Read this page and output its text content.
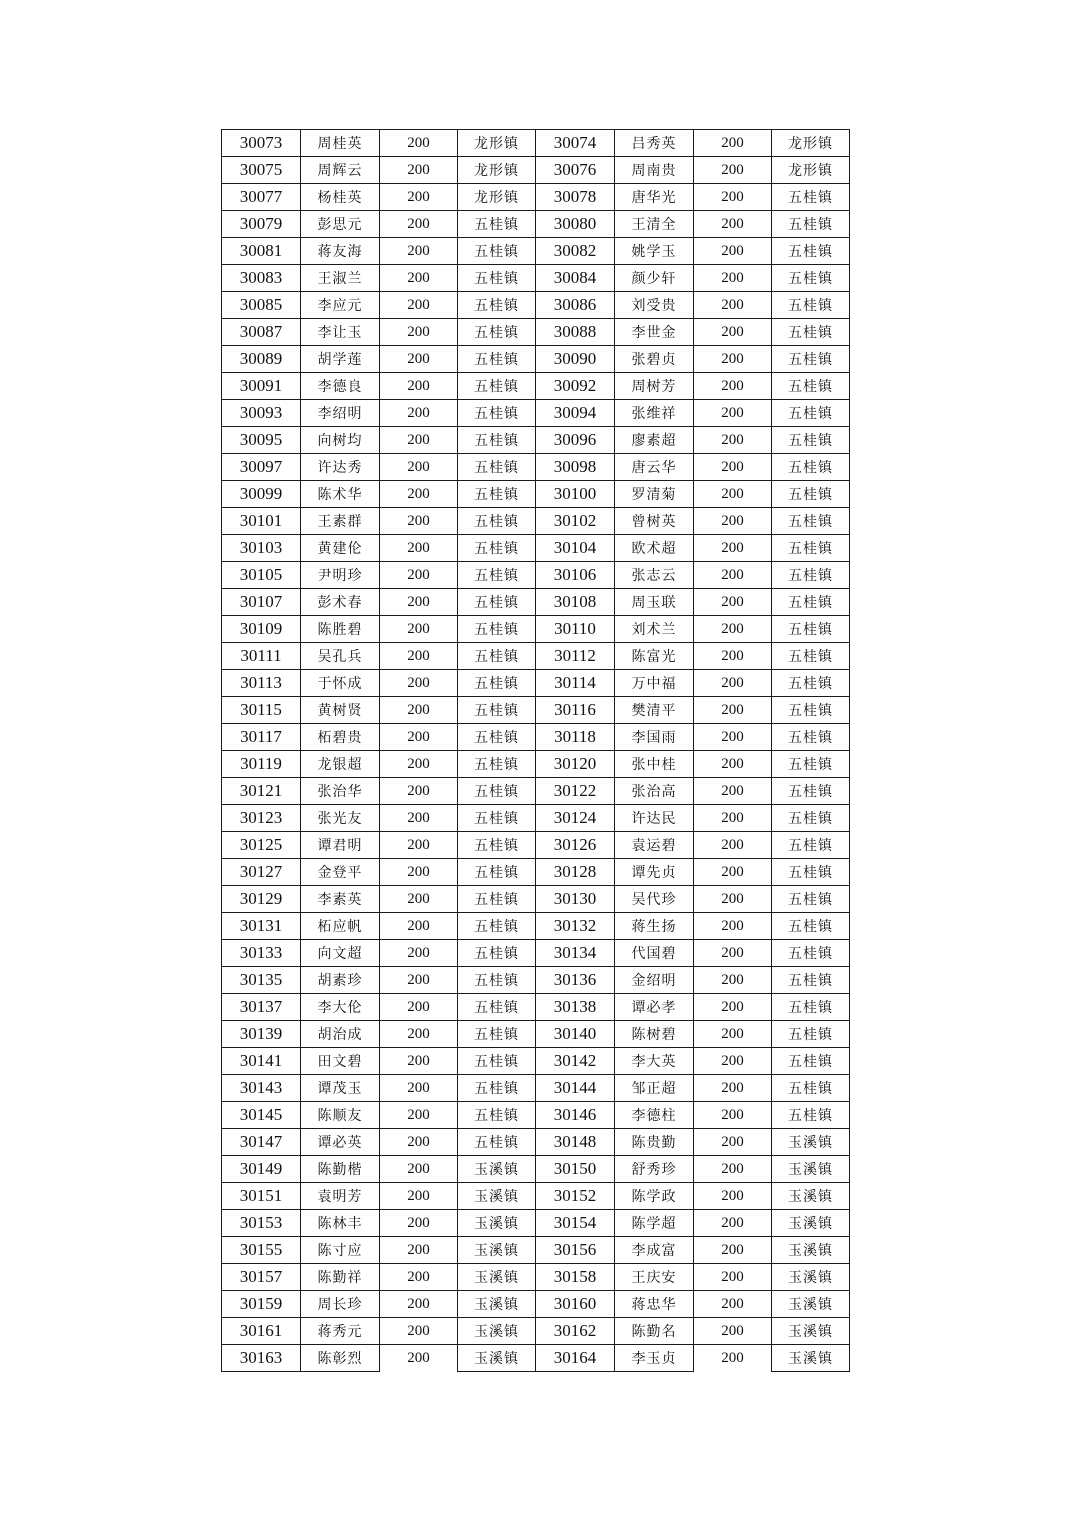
30073	周桂英	200	龙形镇	30074	吕秀英	200	龙形镇
30075	周辉云	200	龙形镇	30076	周南贵	200	龙形镇
30077	杨桂英	200	龙形镇	30078	唐华光	200	五桂镇
30079	彭思元	200	五桂镇	30080	王清全	200	五桂镇
30081	蒋友海	200	五桂镇	30082	姚学玉	200	五桂镇
30083	王淑兰	200	五桂镇	30084	颜少轩	200	五桂镇
30085	李应元	200	五桂镇	30086	刘受贵	200	五桂镇
30087	李让玉	200	五桂镇	30088	李世金	200	五桂镇
30089	胡学莲	200	五桂镇	30090	张碧贞	200	五桂镇
30091	李德良	200	五桂镇	30092	周树芳	200	五桂镇
30093	李绍明	200	五桂镇	30094	张维祥	200	五桂镇
30095	向树均	200	五桂镇	30096	廖素超	200	五桂镇
30097	许达秀	200	五桂镇	30098	唐云华	200	五桂镇
30099	陈术华	200	五桂镇	30100	罗清菊	200	五桂镇
30101	王素群	200	五桂镇	30102	曾树英	200	五桂镇
30103	黄建伦	200	五桂镇	30104	欧术超	200	五桂镇
30105	尹明珍	200	五桂镇	30106	张志云	200	五桂镇
30107	彭术春	200	五桂镇	30108	周玉联	200	五桂镇
30109	陈胜碧	200	五桂镇	30110	刘术兰	200	五桂镇
30111	吴孔兵	200	五桂镇	30112	陈富光	200	五桂镇
30113	于怀成	200	五桂镇	30114	万中福	200	五桂镇
30115	黄树贤	200	五桂镇	30116	樊清平	200	五桂镇
30117	柘碧贵	200	五桂镇	30118	李国雨	200	五桂镇
30119	龙银超	200	五桂镇	30120	张中桂	200	五桂镇
30121	张治华	200	五桂镇	30122	张治高	200	五桂镇
30123	张光友	200	五桂镇	30124	许达民	200	五桂镇
30125	谭君明	200	五桂镇	30126	袁运碧	200	五桂镇
30127	金登平	200	五桂镇	30128	谭先贞	200	五桂镇
30129	李素英	200	五桂镇	30130	吴代珍	200	五桂镇
30131	柘应帆	200	五桂镇	30132	蒋生扬	200	五桂镇
30133	向文超	200	五桂镇	30134	代国碧	200	五桂镇
30135	胡素珍	200	五桂镇	30136	金绍明	200	五桂镇
30137	李大伦	200	五桂镇	30138	谭必孝	200	五桂镇
30139	胡治成	200	五桂镇	30140	陈树碧	200	五桂镇
30141	田文碧	200	五桂镇	30142	李大英	200	五桂镇
30143	谭茂玉	200	五桂镇	30144	邹正超	200	五桂镇
30145	陈顺友	200	五桂镇	30146	李德柱	200	五桂镇
30147	谭必英	200	五桂镇	30148	陈贵勤	200	玉溪镇
30149	陈勤楷	200	玉溪镇	30150	舒秀珍	200	玉溪镇
30151	袁明芳	200	玉溪镇	30152	陈学政	200	玉溪镇
30153	陈林丰	200	玉溪镇	30154	陈学超	200	玉溪镇
30155	陈寸应	200	玉溪镇	30156	李成富	200	玉溪镇
30157	陈勤祥	200	玉溪镇	30158	王庆安	200	玉溪镇
30159	周长珍	200	玉溪镇	30160	蒋忠华	200	玉溪镇
30161	蒋秀元	200	玉溪镇	30162	陈勤名	200	玉溪镇
30163	陈彰烈	200	玉溪镇	30164	李玉贞	200	玉溪镇
